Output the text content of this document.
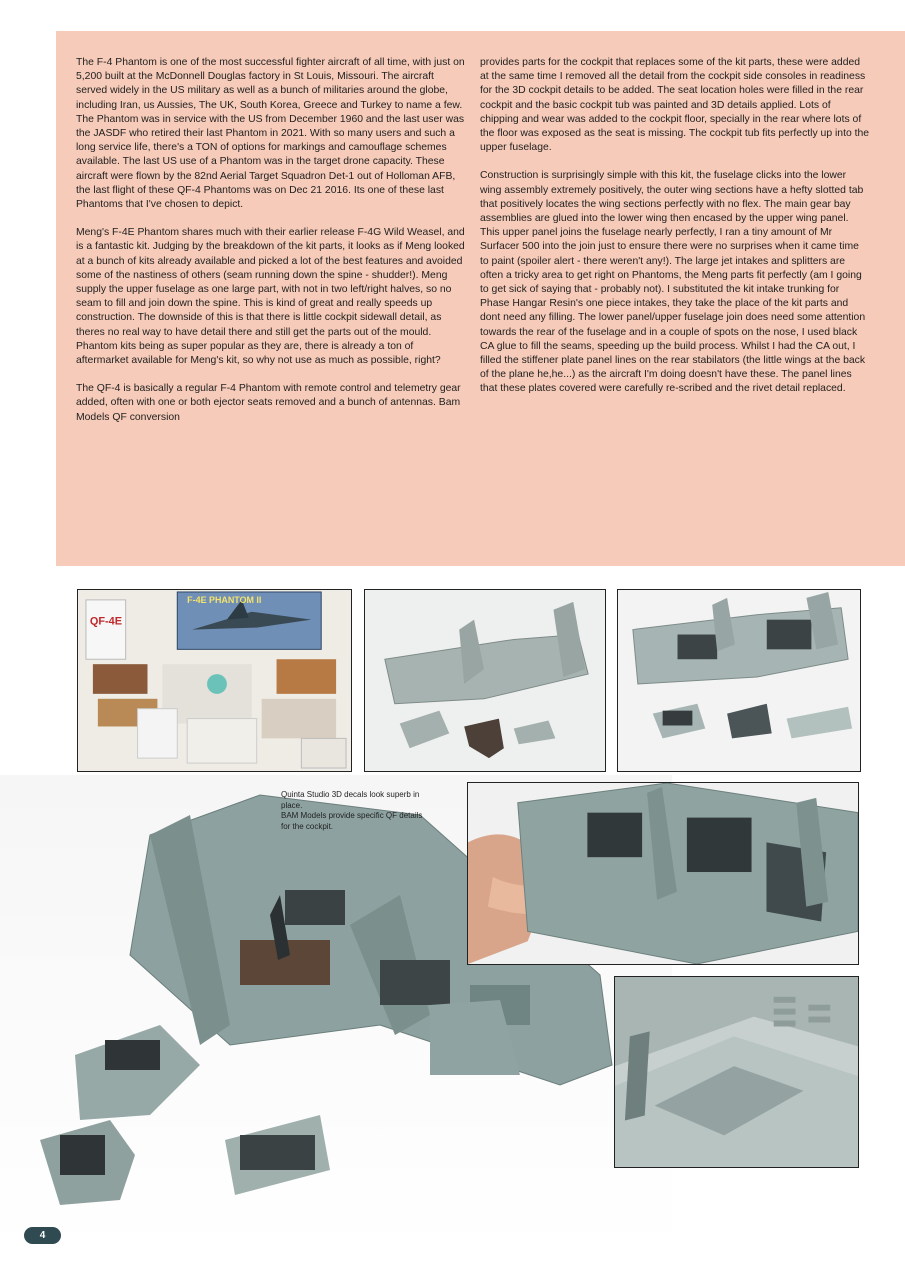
The F-4 Phantom is one of the most successful fighter aircraft of all time, with just on 5,200 built at the McDonnell Douglas factory in St Louis, Missouri. The aircraft served widely in the US military as well as a bunch of militaries around the globe, including Iran, us Aussies, The UK, South Korea, Greece and Turkey to name a few. The Phantom was in service with the US from December 1960 and the last user was the JASDF who retired their last Phantom in 2021. With so many users and such a long service life, there's a TON of options for markings and camouflage schemes available. The last US use of a Phantom was in the target drone capacity. These aircraft were flown by the 82nd Aerial Target Squadron Det-1 out of Holloman AFB, the last flight of these QF-4 Phantoms was on Dec 21 2016. Its one of these last Phantoms that I've chosen to depict.

Meng's F-4E Phantom shares much with their earlier release F-4G Wild Weasel, and is a fantastic kit. Judging by the breakdown of the kit parts, it looks as if Meng looked at a bunch of kits already available and picked a lot of the best features and avoided some of the nastiness of others (seam running down the spine - shudder!). Meng supply the upper fuselage as one large part, with not in two left/right halves, so no seam to fill and join down the spine. This is kind of great and really speeds up construction. The downside of this is that there is little cockpit sidewall detail, as theres no real way to have detail there and still get the parts out of the mould. Phantom kits being as super popular as they are, there is already a ton of aftermarket available for Meng's kit, so why not use as much as possible, right?

The QF-4 is basically a regular F-4 Phantom with remote control and telemetry gear added, often with one or both ejector seats removed and a bunch of antennas. Bam Models QF conversion

provides parts for the cockpit that replaces some of the kit parts, these were added at the same time I removed all the detail from the cockpit side consoles in readiness for the 3D cockpit details to be added. The seat location holes were filled in the rear cockpit and the basic cockpit tub was painted and 3D details applied. Lots of chipping and wear was added to the cockpit floor, specially in the rear where lots of the floor was exposed as the seat is missing. The cockpit tub fits perfectly up into the upper fuselage.

Construction is surprisingly simple with this kit, the fuselage clicks into the lower wing assembly extremely positively, the outer wing sections have a hefty slotted tab that positively locates the wing sections perfectly with no flex. The main gear bay assemblies are glued into the lower wing then encased by the upper wing panel. This upper panel joins the fuselage nearly perfectly, I ran a tiny amount of Mr Surfacer 500 into the join just to ensure there were no surprises when it came time to paint (spoiler alert - there weren't any!). The large jet intakes and splitters are often a tricky area to get right on Phantoms, the Meng parts fit perfectly (am I going to get sick of saying that - probably not). I substituted the kit intake trunking for Phase Hangar Resin's one piece intakes, they take the place of the kit parts and dont need any filling. The lower panel/upper fuselage join does need some attention towards the rear of the fuselage and in a couple of spots on the nose, I used black CA glue to fill the seams, speeding up the build process. Whilst I had the CA out, I filled the stiffener plate panel lines on the rear stabilators (the little wings at the back of the plane he,he...) as the aircraft I'm doing doesn't have these. The panel lines that these plates covered were carefully re-scribed and the rivet detail replaced.

F-4E PHANTOM II
QF-4E
Quinta Studio 3D decals look superb in place.
BAM Models provide specific QF details for the cockpit.
4
